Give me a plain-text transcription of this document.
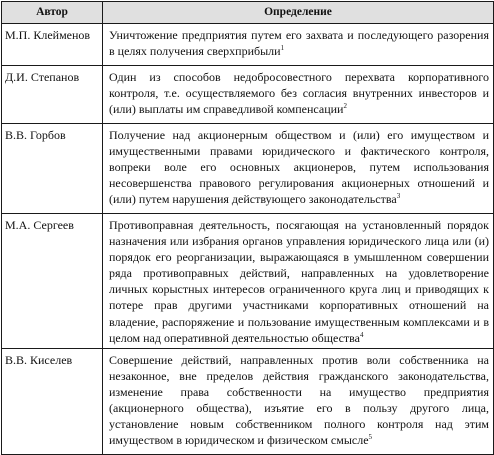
Автор	Определение
М.П. Клейменов	Уничтожение предприятия путем его захвата и последующего разорения в целях получения сверхприбыли$^1$
Д.И. Степанов	Один из способов недобросовестного перехвата корпоративного контроля, т.е. осуществляемого без согласия внутренних инвесторов и (или) выплаты им справедливой компенсации$^2$
В.В. Горбов	Получение над акционерным обществом и (или) его имуществом и имущественными правами юридического и фактического контроля, вопреки воле его основных акционеров, путем использования несовершенства правового регулирования акционерных отношений и (или) путем нарушения действующего законодательства$^3$
М.А. Сергеев	Противоправная деятельность, посягающая на установленный порядок назначения или избрания органов управления юридического лица или (и) порядок его реорганизации, выражающаяся в умышленном совершении ряда противоправных действий, направленных на удовлетворение личных корыстных интересов ограниченного круга лиц и приводящих к потере прав другими участниками корпоративных отношений на владение, распоряжение и пользование имущественным комплексами и в целом над оперативной деятельностью общества$^4$
В.В. Киселев	Совершение действий, направленных против воли собственника на незаконное, вне пределов действия гражданского законодательства, изменение права собственности на имущество предприятия (акционерного общества), изъятие его в пользу другого лица, установление новым собственником полного контроля над этим имуществом в юридическом и физическом смысле$^5$
